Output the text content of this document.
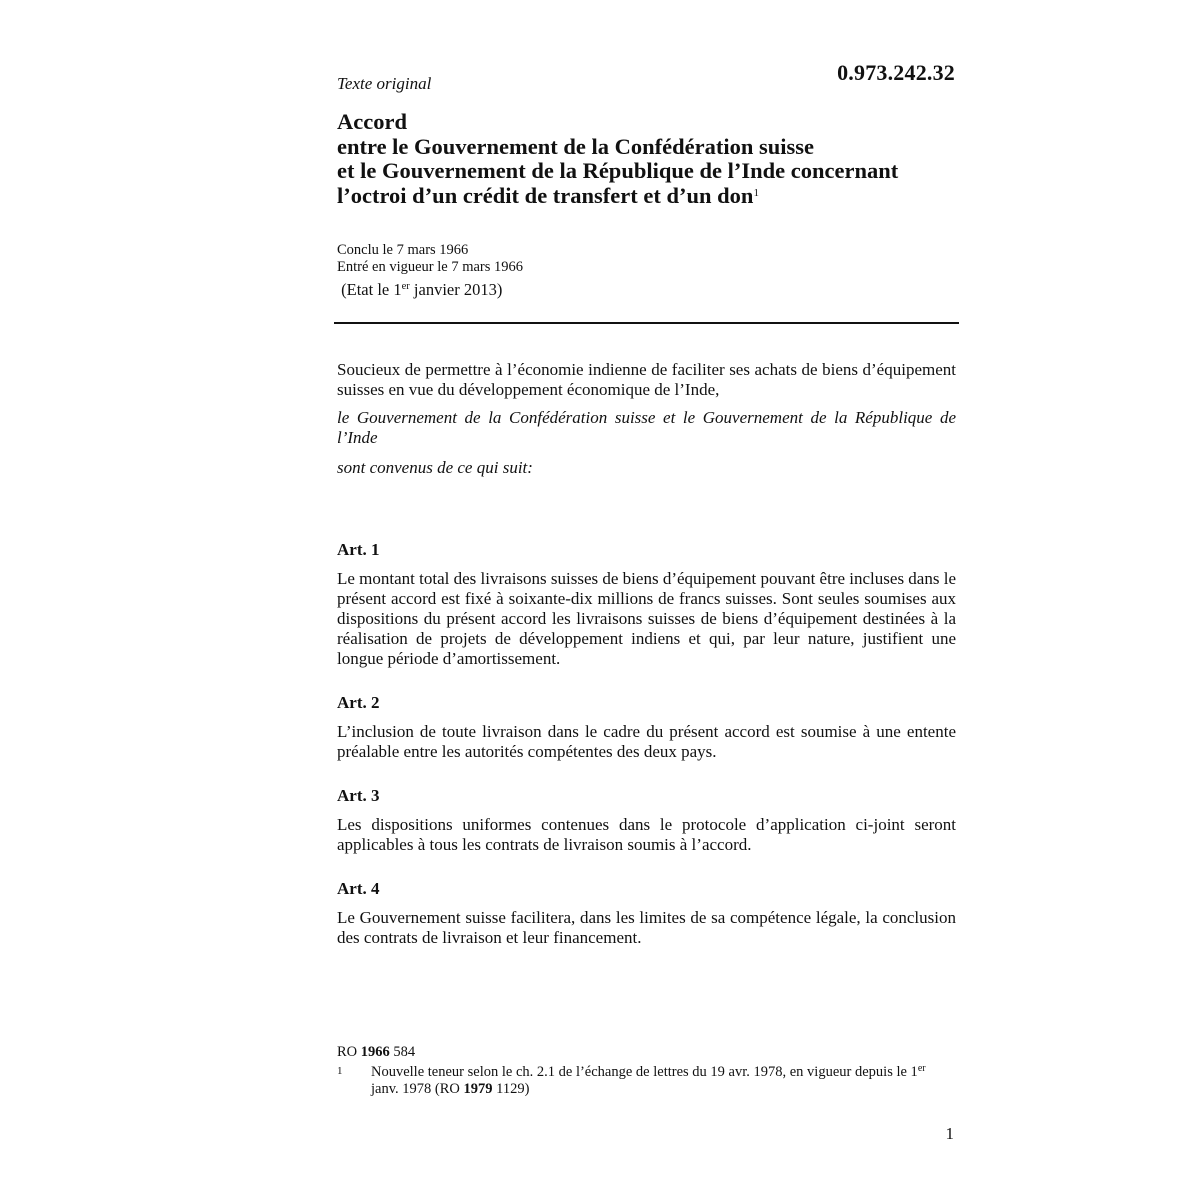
Texte original	0.973.242.32
Accord
entre le Gouvernement de la Confédération suisse
et le Gouvernement de la République de l’Inde concernant
l’octroi d’un crédit de transfert et d’un don$^1$
Conclu le 7 mars 1966
Entré en vigueur le 7 mars 1966
(Etat le 1er janvier 2013)

Soucieux de permettre à l’économie indienne de faciliter ses achats de biens d’équipement suisses en vue du développement économique de l’Inde,

le Gouvernement de la Confédération suisse et le Gouvernement de la République de l’Inde

sont convenus de ce qui suit:

Art. 1

Le montant total des livraisons suisses de biens d’équipement pouvant être incluses dans le présent accord est fixé à soixante-dix millions de francs suisses. Sont seules soumises aux dispositions du présent accord les livraisons suisses de biens d’équipement destinées à la réalisation de projets de développement indiens et qui, par leur nature, justifient une longue période d’amortissement.

Art. 2

L’inclusion de toute livraison dans le cadre du présent accord est soumise à une entente préalable entre les autorités compétentes des deux pays.

Art. 3

Les dispositions uniformes contenues dans le protocole d’application ci-joint seront applicables à tous les contrats de livraison soumis à l’accord.

Art. 4

Le Gouvernement suisse facilitera, dans les limites de sa compétence légale, la conclusion des contrats de livraison et leur financement.

RO 1966 584
1	Nouvelle teneur selon le ch. 2.1 de l’échange de lettres du 19 avr. 1978, en vigueur depuis le 1er janv. 1978 (RO 1979 1129)
1
